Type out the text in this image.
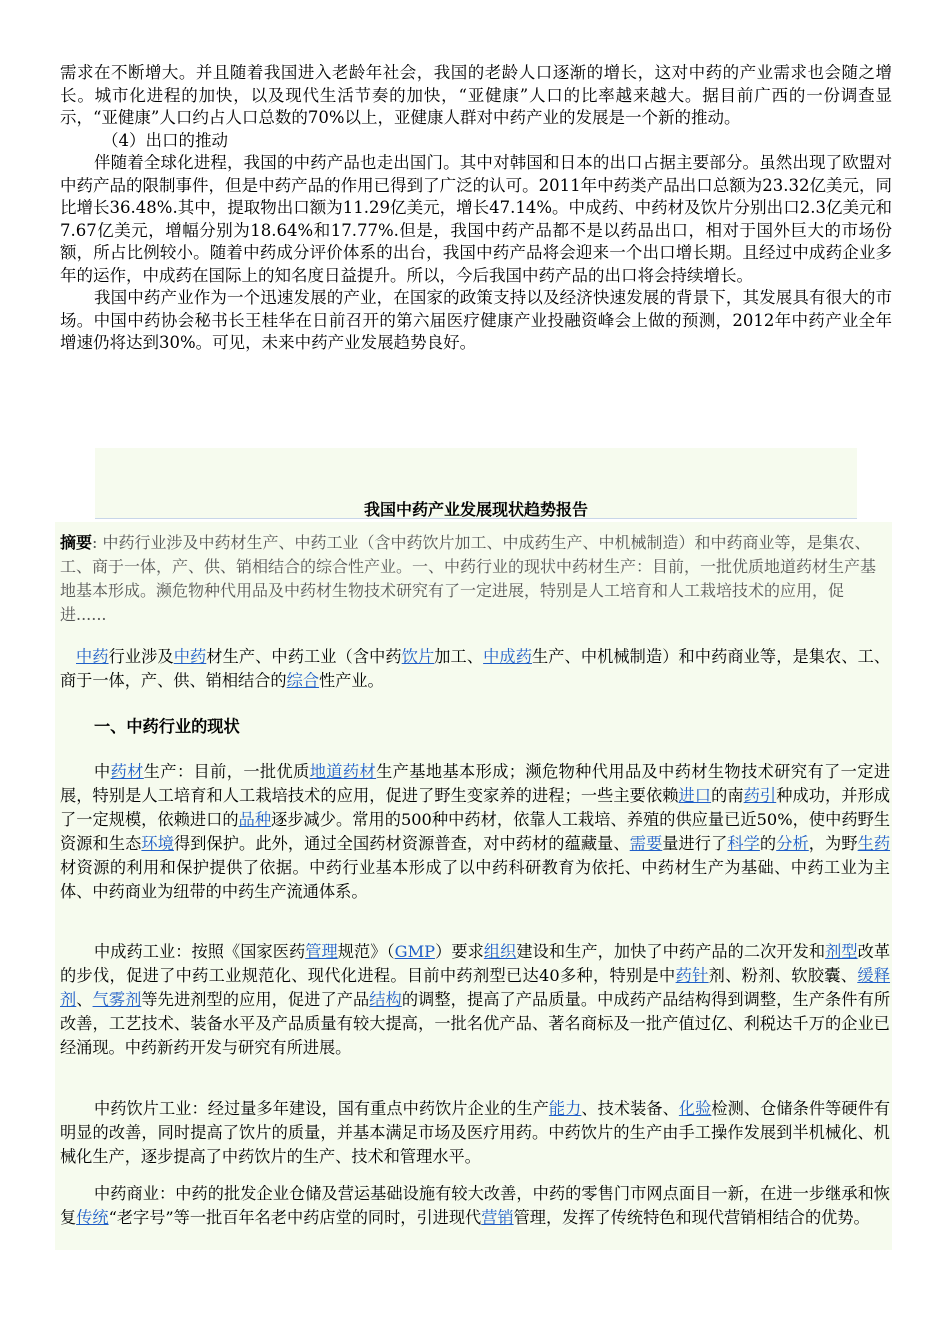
需求在不断增大。并且随着我国进入老龄年社会，我国的老龄人口逐渐的增长，这对中药的产业需求也会随之增长。城市化进程的加快，以及现代生活节奏的加快，“亚健康”人口的比率越来越大。据目前广西的一份调查显示，“亚健康”人口约占人口总数的70%以上，亚健康人群对中药产业的发展是一个新的推动。

（4）出口的推动

伴随着全球化进程，我国的中药产品也走出国门。其中对韩国和日本的出口占据主要部分。虽然出现了欧盟对中药产品的限制事件，但是中药产品的作用已得到了广泛的认可。2011年中药类产品出口总额为23.32亿美元，同比增长36.48%.其中，提取物出口额为11.29亿美元，增长47.14%。中成药、中药材及饮片分别出口2.3亿美元和7.67亿美元，增幅分别为18.64%和17.77%.但是，我国中药产品都不是以药品出口，相对于国外巨大的市场份额，所占比例较小。随着中药成分评价体系的出台，我国中药产品将会迎来一个出口增长期。且经过中成药企业多年的运作，中成药在国际上的知名度日益提升。所以，今后我国中药产品的出口将会持续增长。

我国中药产业作为一个迅速发展的产业，在国家的政策支持以及经济快速发展的背景下，其发展具有很大的市场。中国中药协会秘书长王桂华在日前召开的第六届医疗健康产业投融资峰会上做的预测，2012年中药产业全年增速仍将达到30%。可见，未来中药产业发展趋势良好。

我国中药产业发展现状趋势报告
摘要: 中药行业涉及中药材生产、中药工业（含中药饮片加工、中成药生产、中机械制造）和中药商业等，是集农、工、商于一体，产、供、销相结合的综合性产业。一、中药行业的现状中药材生产：目前，一批优质地道药材生产基地基本形成。濒危物种代用品及中药材生物技术研究有了一定进展，特别是人工培育和人工栽培技术的应用，促进......

中药行业涉及中药材生产、中药工业（含中药饮片加工、中成药生产、中机械制造）和中药商业等，是集农、工、商于一体，产、供、销相结合的综合性产业。

一、中药行业的现状

中药材生产：目前，一批优质地道药材生产基地基本形成；濒危物种代用品及中药材生物技术研究有了一定进展，特别是人工培育和人工栽培技术的应用，促进了野生变家养的进程；一些主要依赖进口的南药引种成功，并形成了一定规模，依赖进口的品种逐步减少。常用的500种中药材，依靠人工栽培、养殖的供应量已近50%，使中药野生资源和生态环境得到保护。此外，通过全国药材资源普查，对中药材的蕴藏量、需要量进行了科学的分析，为野生药材资源的利用和保护提供了依据。中药行业基本形成了以中药科研教育为依托、中药材生产为基础、中药工业为主体、中药商业为纽带的中药生产流通体系。

中成药工业：按照《国家医药管理规范》（GMP）要求组织建设和生产，加快了中药产品的二次开发和剂型改革的步伐，促进了中药工业规范化、现代化进程。目前中药剂型已达40多种，特别是中药针剂、粉剂、软胶囊、缓释剂、气雾剂等先进剂型的应用，促进了产品结构的调整，提高了产品质量。中成药产品结构得到调整，生产条件有所改善，工艺技术、装备水平及产品质量有较大提高，一批名优产品、著名商标及一批产值过亿、利税达千万的企业已经涌现。中药新药开发与研究有所进展。

中药饮片工业：经过量多年建设，国有重点中药饮片企业的生产能力、技术装备、化验检测、仓储条件等硬件有明显的改善，同时提高了饮片的质量，并基本满足市场及医疗用药。中药饮片的生产由手工操作发展到半机械化、机械化生产，逐步提高了中药饮片的生产、技术和管理水平。

中药商业：中药的批发企业仓储及营运基础设施有较大改善，中药的零售门市网点面目一新，在进一步继承和恢复传统“老字号”等一批百年名老中药店堂的同时，引进现代营销管理，发挥了传统特色和现代营销相结合的优势。
